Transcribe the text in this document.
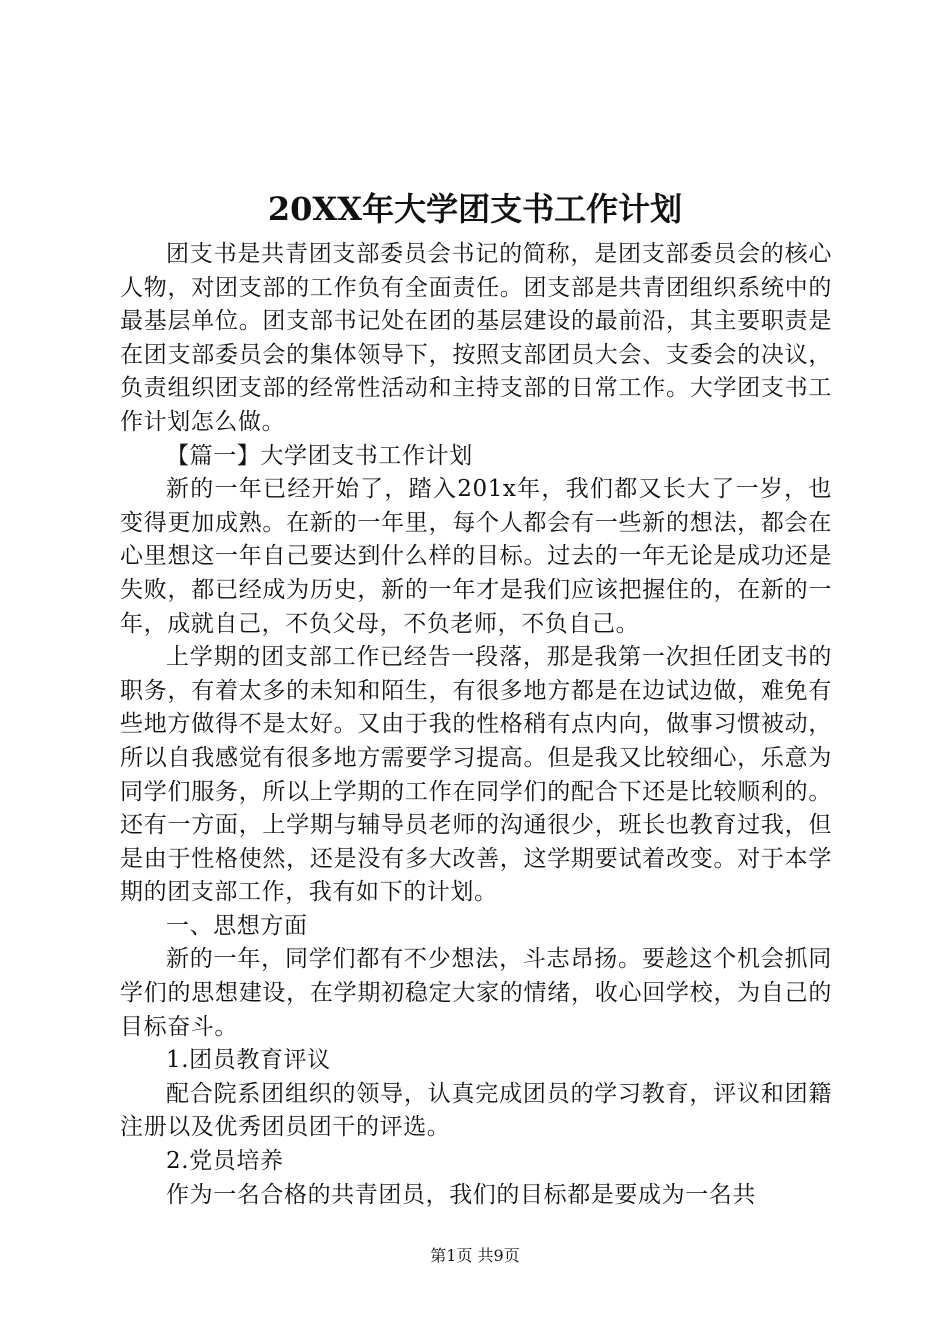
20XX年大学团支书工作计划

团支书是共青团支部委员会书记的简称，是团支部委员会的核心人物，对团支部的工作负有全面责任。团支部是共青团组织系统中的最基层单位。团支部书记处在团的基层建设的最前沿，其主要职责是在团支部委员会的集体领导下，按照支部团员大会、支委会的决议，负责组织团支部的经常性活动和主持支部的日常工作。大学团支书工作计划怎么做。

【篇一】大学团支书工作计划

新的一年已经开始了，踏入201x年，我们都又长大了一岁，也变得更加成熟。在新的一年里，每个人都会有一些新的想法，都会在心里想这一年自己要达到什么样的目标。过去的一年无论是成功还是失败，都已经成为历史，新的一年才是我们应该把握住的，在新的一年，成就自己，不负父母，不负老师，不负自己。

上学期的团支部工作已经告一段落，那是我第一次担任团支书的职务，有着太多的未知和陌生，有很多地方都是在边试边做，难免有些地方做得不是太好。又由于我的性格稍有点内向，做事习惯被动，所以自我感觉有很多地方需要学习提高。但是我又比较细心，乐意为同学们服务，所以上学期的工作在同学们的配合下还是比较顺利的。还有一方面，上学期与辅导员老师的沟通很少，班长也教育过我，但是由于性格使然，还是没有多大改善，这学期要试着改变。对于本学期的团支部工作，我有如下的计划。

一、思想方面

新的一年，同学们都有不少想法，斗志昂扬。要趁这个机会抓同学们的思想建设，在学期初稳定大家的情绪，收心回学校，为自己的目标奋斗。

1.团员教育评议

配合院系团组织的领导，认真完成团员的学习教育，评议和团籍注册以及优秀团员团干的评选。

2.党员培养

作为一名合格的共青团员，我们的目标都是要成为一名共

第1页 共9页
